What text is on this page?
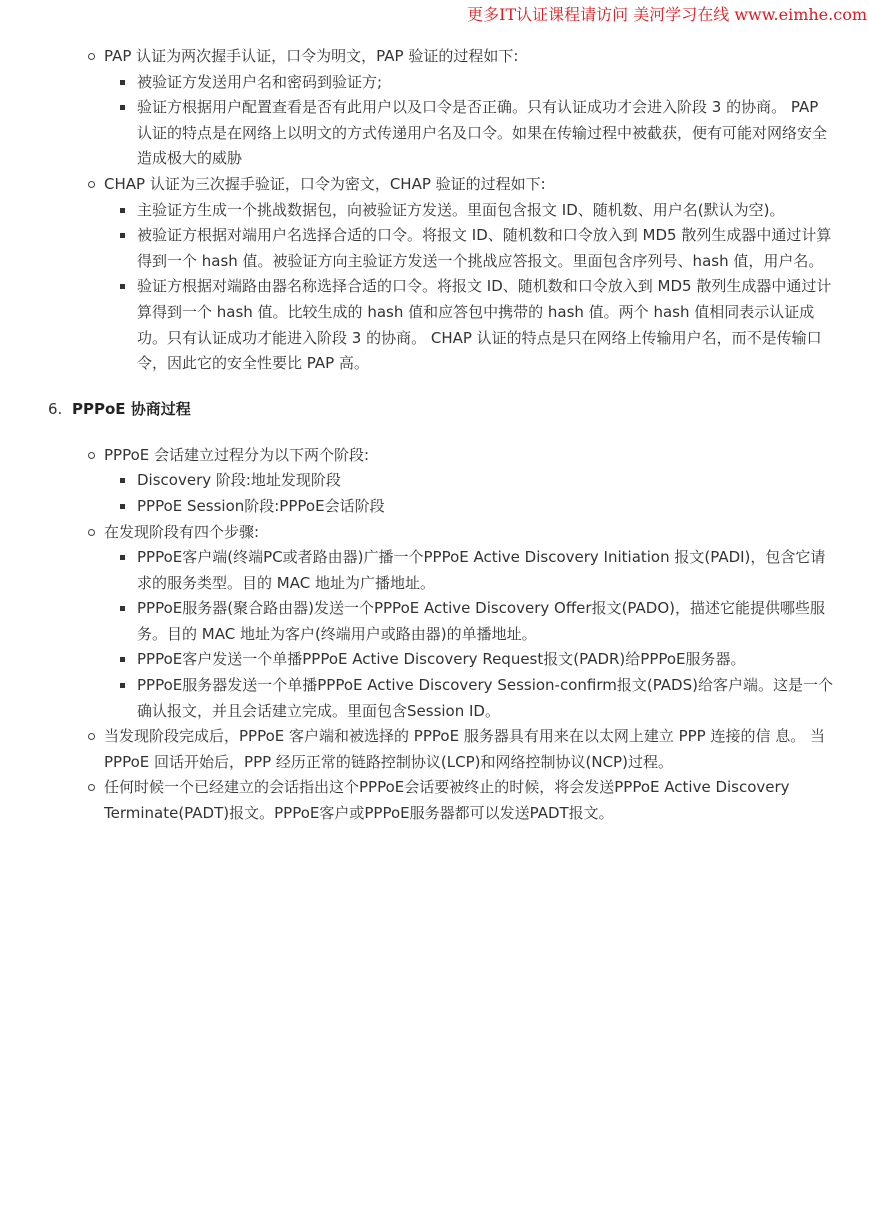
更多IT认证课程请访问 美河学习在线 www.eimhe.com
PAP 认证为两次握手认证，口令为明文，PAP 验证的过程如下:
被验证方发送用户名和密码到验证方;
验证方根据用户配置查看是否有此用户以及口令是否正确。只有认证成功才会进入阶段 3 的协商。 PAP 认证的特点是在网络上以明文的方式传递用户名及口令。如果在传输过程中被截获，便有可能对网络安全造成极大的威胁
CHAP 认证为三次握手验证，口令为密文，CHAP 验证的过程如下:
主验证方生成一个挑战数据包，向被验证方发送。里面包含报文 ID、随机数、用户名(默认为空)。
被验证方根据对端用户名选择合适的口令。将报文 ID、随机数和口令放入到 MD5 散列生成器中通过计算得到一个 hash 值。被验证方向主验证方发送一个挑战应答报文。里面包含序列号、hash 值，用户名。
验证方根据对端路由器名称选择合适的口令。将报文 ID、随机数和口令放入到 MD5 散列生成器中通过计算得到一个 hash 值。比较生成的 hash 值和应答包中携带的 hash 值。两个 hash 值相同表示认证成功。只有认证成功才能进入阶段 3 的协商。 CHAP 认证的特点是只在网络上传输用户名，而不是传输口令，因此它的安全性要比 PAP 高。
6. PPPoE 协商过程
PPPoE 会话建立过程分为以下两个阶段:
Discovery 阶段:地址发现阶段
PPPoE Session阶段:PPPoE会话阶段
在发现阶段有四个步骤:
PPPoE客户端(终端PC或者路由器)广播一个PPPoE Active Discovery Initiation 报文(PADI)，包含它请求的服务类型。目的 MAC 地址为广播地址。
PPPoE服务器(聚合路由器)发送一个PPPoE Active Discovery Offer报文(PADO)，描述它能提供哪些服务。目的 MAC 地址为客户(终端用户或路由器)的单播地址。
PPPoE客户发送一个单播PPPoE Active Discovery Request报文(PADR)给PPPoE服务器。
PPPoE服务器发送一个单播PPPoE Active Discovery Session-confirm报文(PADS)给客户端。这是一个确认报文，并且会话建立完成。里面包含Session ID。
当发现阶段完成后，PPPoE 客户端和被选择的 PPPoE 服务器具有用来在以太网上建立 PPP 连接的信 息。 当 PPPoE 回话开始后，PPP 经历正常的链路控制协议(LCP)和网络控制协议(NCP)过程。
任何时候一个已经建立的会话指出这个PPPoE会话要被终止的时候，将会发送PPPoE Active Discovery Terminate(PADT)报文。PPPoE客户或PPPoE服务器都可以发送PADT报文。
